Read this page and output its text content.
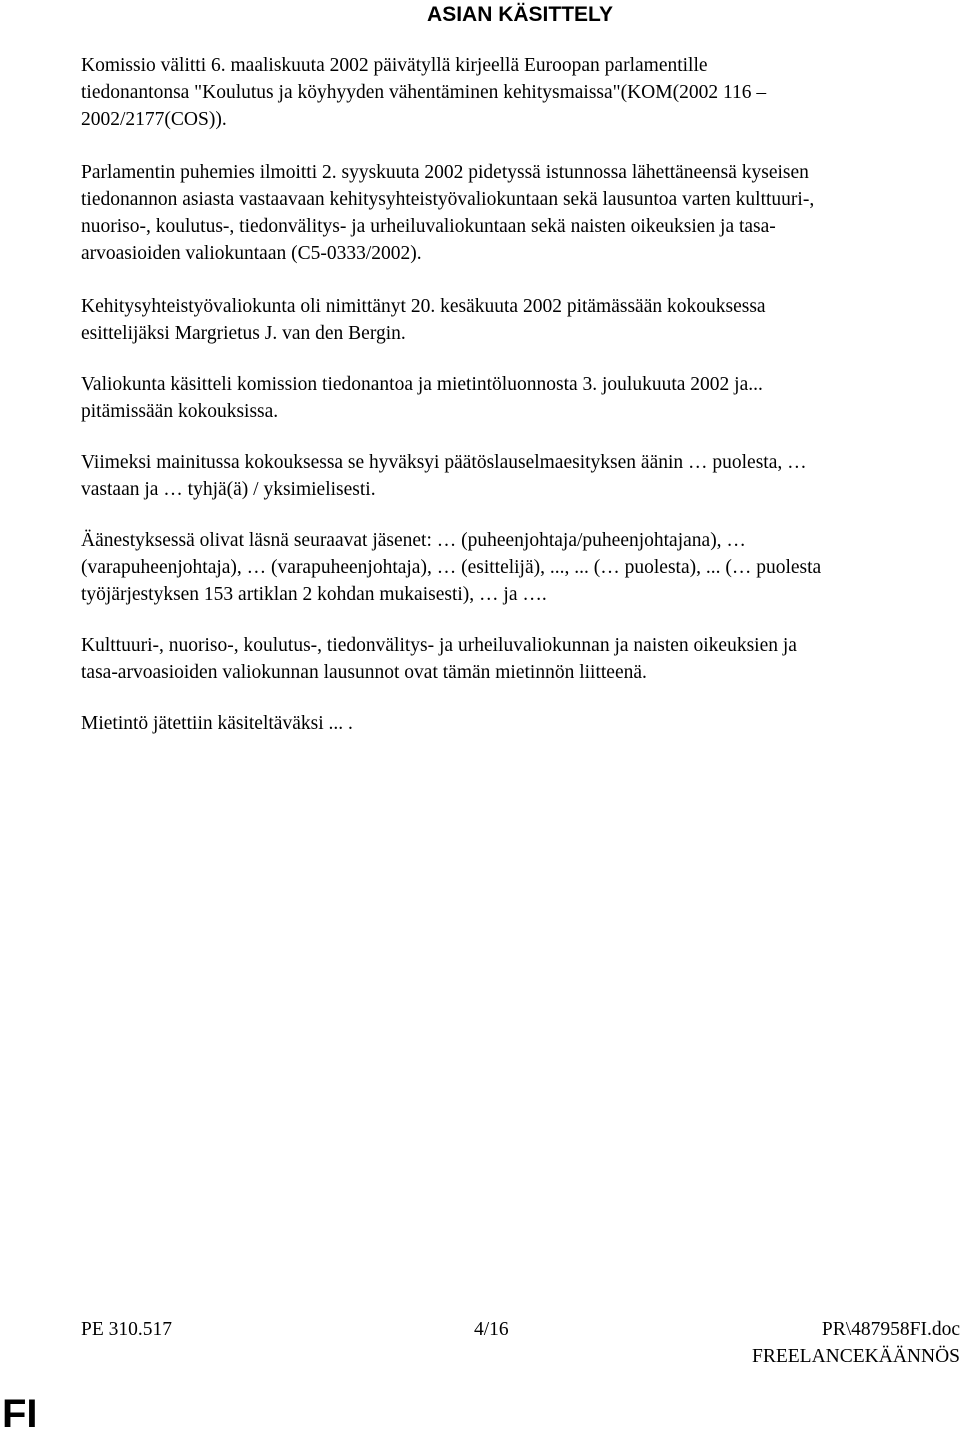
ASIAN KÄSITTELY

Komissio välitti 6. maaliskuuta 2002 päivätyllä kirjeellä Euroopan parlamentille
tiedonantonsa "Koulutus ja köyhyyden vähentäminen kehitysmaissa"(KOM(2002 116 –
2002/2177(COS)).

Parlamentin puhemies ilmoitti 2. syyskuuta 2002 pidetyssä istunnossa lähettäneensä kyseisen
tiedonannon asiasta vastaavaan kehitysyhteistyövaliokuntaan sekä lausuntoa varten kulttuuri-,
nuoriso-, koulutus-, tiedonvälitys- ja urheiluvaliokuntaan sekä naisten oikeuksien ja tasa-
arvoasioiden valiokuntaan (C5-0333/2002).

Kehitysyhteistyövaliokunta oli nimittänyt 20. kesäkuuta 2002 pitämässään kokouksessa
esittelijäksi Margrietus J. van den Bergin.

Valiokunta käsitteli komission tiedonantoa ja mietintöluonnosta 3. joulukuuta 2002 ja...
pitämissään kokouksissa.

Viimeksi mainitussa kokouksessa se hyväksyi päätöslauselmaesityksen äänin … puolesta, …
vastaan ja … tyhjä(ä) / yksimielisesti.

Äänestyksessä olivat läsnä seuraavat jäsenet: … (puheenjohtaja/puheenjohtajana), …
(varapuheenjohtaja), … (varapuheenjohtaja), … (esittelijä), ..., ... (… puolesta), ... (… puolesta
työjärjestyksen 153 artiklan 2 kohdan mukaisesti), … ja ….

Kulttuuri-, nuoriso-, koulutus-, tiedonvälitys- ja urheiluvaliokunnan ja naisten oikeuksien ja
tasa-arvoasioiden valiokunnan lausunnot ovat tämän mietinnön liitteenä.

Mietintö jätettiin käsiteltäväksi ... .

PE 310.517	4/16	PR\487958FI.doc
FREELANCEKÄÄNNÖS
FI
